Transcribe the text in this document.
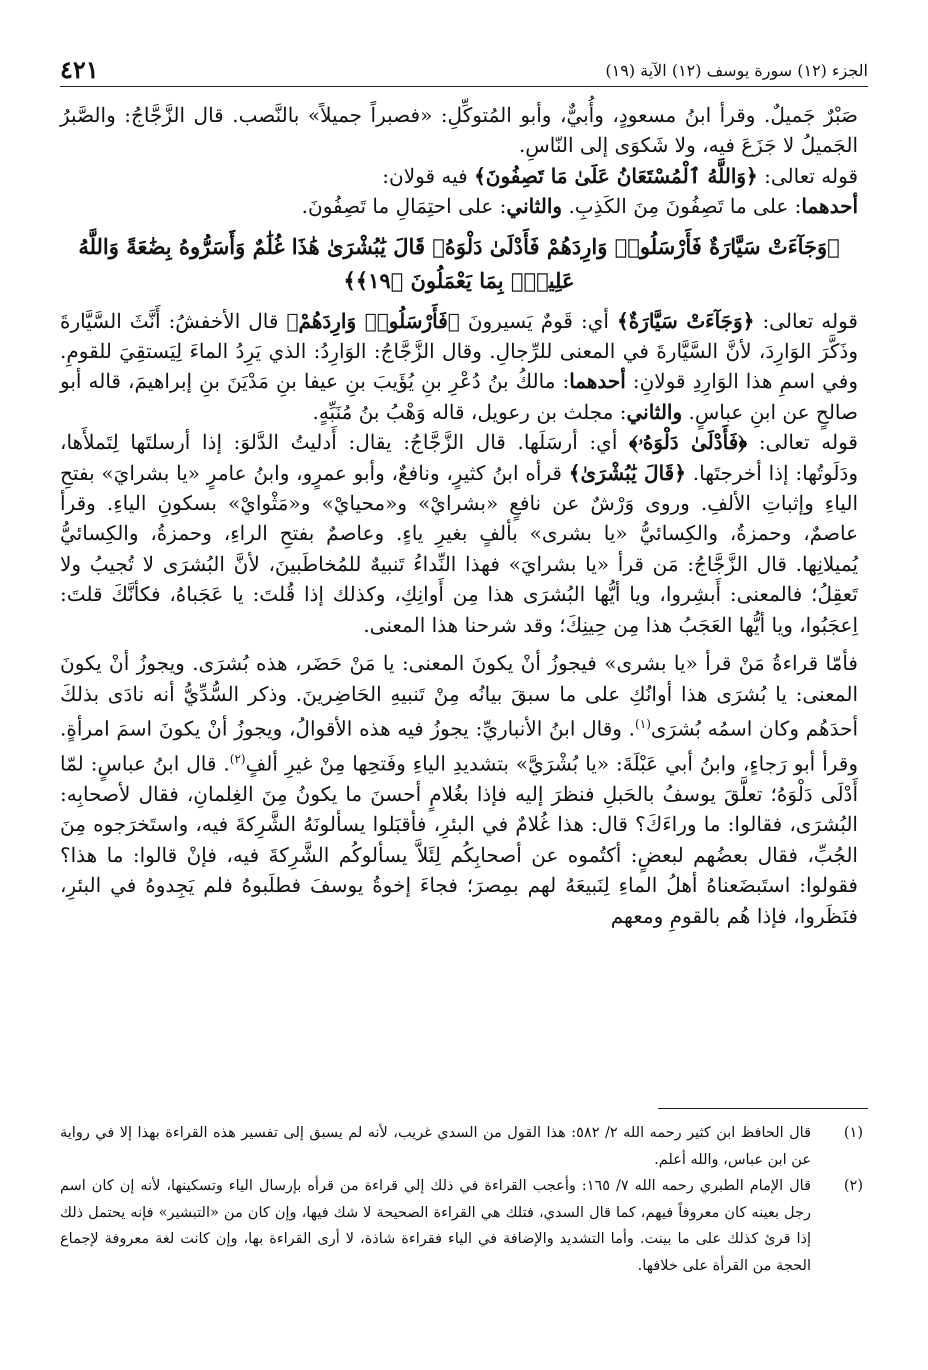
الجزء (١٢) سورة يوسف (١٢) الآية (١٩)
٤٢١

صَبْرٌ جَميلٌ. وقرأ ابنُ مسعودٍ، وأُبيٌّ، وأبو المُتوكِّلِ: «فصبراً جميلاً» بالنَّصب. قال الزَّجَّاجُ: والصَّبرُ الجَميلُ لا جَزَعَ فيه، ولا شَكوَى إلى النّاسِ.

قوله تعالى: ﴿وَاللَّهُ ٱلْمُسْتَعَانُ عَلَىٰ مَا تَصِفُونَ﴾ فيه قولان:

أحدهما: على ما تَصِفُونَ مِنَ الكَذِبِ. والثاني: على احتِمَالِ ما تَصِفُونَ.

﴿وَجَآءَتْ سَيَّارَةٌ فَأَرْسَلُوا۟ وَارِدَهُمْ فَأَدْلَىٰ دَلْوَهُۥ قَالَ يَٰبُشْرَىٰ هَٰذَا غُلَٰمٌ وَأَسَرُّوهُ بِضَٰعَةً وَاللَّهُ عَلِيمٌۢ بِمَا يَعْمَلُونَ ﴿١٩﴾﴾

قوله تعالى: ﴿وَجَآءَتْ سَيَّارَةٌ﴾ أي: قَومٌ يَسيرونَ ﴿فَأَرْسَلُوا۟ وَارِدَهُمْ﴾ قال الأخفشُ: أَنَّثَ السَّيَّارةَ وذَكَّرَ الوَارِدَ، لأنَّ السَّيَّارةَ في المعنى للرِّجالِ. وقال الزَّجَّاجُ: الوَارِدُ: الذي يَرِدُ الماءَ لِيَستقِيَ للقومِ. وفي اسمِ هذا الوَارِدِ قولانِ: أحدهما: مالكُ بنُ دُعْرِ بنِ يُؤَيبَ بنِ عيفا بنِ مَدْيَنَ بنِ إبراهيمَ، قاله أبو صالحٍ عن ابنِ عباسٍ. والثاني: مجلث بن رعويل، قاله وَهْبُ بنُ مُنَبِّهٍ.

قوله تعالى: ﴿فَأَدْلَىٰ دَلْوَهُۥ﴾ أي: أرسَلَها. قال الزَّجَّاجُ: يقال: أَدليتُ الدَّلوَ: إذا أرسلتَها لِتَملأَها، ودَلَوتُها: إذا أخرجتَها. ﴿قَالَ يَٰبُشْرَىٰ﴾ قرأه ابنُ كثيرٍ، ونافعٌ، وأبو عمرٍو، وابنُ عامرٍ «يا بشرايَ» بفتحِ الياءِ وإثباتِ الألفِ. وروى وَرْشٌ عن نافعٍ «بشرايْ» و«محيايْ» و«مَثْوايْ» بسكونِ الياءِ. وقرأ عاصمٌ، وحمزةُ، والكِسائيُّ «يا بشرى» بألفٍ بغيرِ ياءٍ. وعاصمٌ بفتحِ الراءِ، وحمزةُ، والكِسائيُّ يُميلانِها. قال الزَّجَّاجُ: مَن قرأ «يا بشرايَ» فهذا النِّداءُ تَنبيهٌ للمُخاطَبينَ، لأنَّ البُشرَى لا تُجيبُ ولا تَعقِلُ؛ فالمعنى: أَبشِروا، ويا أيُّها البُشرَى هذا مِن أَوانِكِ، وكذلك إذا قُلتَ: يا عَجَباهُ، فكأنَّكَ قلتَ: اِعجَبُوا، ويا أيُّها العَجَبُ هذا مِن حِينِكَ؛ وقد شرحنا هذا المعنى.

فأمّا قراءةُ مَنْ قرأ «يا بشرى» فيجوزُ أنْ يكونَ المعنى: يا مَنْ حَضَر، هذه بُشرَى. ويجوزُ أنْ يكونَ المعنى: يا بُشرَى هذا أوانُكِ على ما سبقَ بيانُه مِنْ تَنبيهِ الحَاضِرينَ. وذكر السُّدِّيُّ أنه نادَى بذلكَ أحدَهُم وكان اسمُه بُشرَى$^{(١)}$. وقال ابنُ الأنباريِّ: يجوزُ فيه هذه الأقوالُ، ويجوزُ أنْ يكونَ اسمَ امرأةٍ. وقرأ أبو رَجاءٍ، وابنُ أبي عَبْلَةَ: «يا بُشْرَيَّ» بتشديدِ الياءِ وفَتحِها مِنْ غيرِ ألفٍ$^{(٢)}$. قال ابنُ عباسٍ: لمّا أَدْلَى دَلْوَهُ؛ تعلَّقَ يوسفُ بالحَبلِ فنظرَ إليه فإذا بغُلامٍ أحسنَ ما يكونُ مِنَ الغِلمانِ، فقال لأصحابِه: البُشرَى، فقالوا: ما وراءَكَ؟ قال: هذا غُلامٌ في البئرِ، فأقبَلوا يسألونَهُ الشَّرِكةَ فيه، واستَخرَجوه مِنَ الجُبِّ، فقال بعضُهم لبعضٍ: أكتُموه عن أصحابِكُم لِئَلاَّ يسألوكُم الشَّرِكةَ فيه، فإنْ قالوا: ما هذا؟ فقولوا: استَبضَعناهُ أهلُ الماءِ لِنَبيعَهُ لهم بمِصرَ؛ فجاءَ إخوةُ يوسفَ فطلَبوهُ فلم يَجِدوهُ في البئرِ، فنَظَروا، فإذا هُم بالقومِ ومعهم

(١)
قال الحافظ ابن كثير رحمه الله ٢/ ٥٨٢: هذا القول من السدي غريب، لأنه لم يسبق إلى تفسير هذه القراءة بهذا إلا في رواية عن ابن عباس، والله أعلم.
(٢)
قال الإمام الطبري رحمه الله ٧/ ١٦٥: وأعجب القراءة في ذلك إلي قراءة من قرأه بإرسال الياء وتسكينها، لأنه إن كان اسم رجل بعينه كان معروفاً فيهم، كما قال السدي، فتلك هي القراءة الصحيحة لا شك فيها، وإن كان من «التبشير» فإنه يحتمل ذلك إذا قرئ كذلك على ما بينت. وأما التشديد والإضافة في الياء فقراءة شاذة، لا أرى القراءة بها، وإن كانت لغة معروفة لإجماع الحجة من القرأة على خلافها.
